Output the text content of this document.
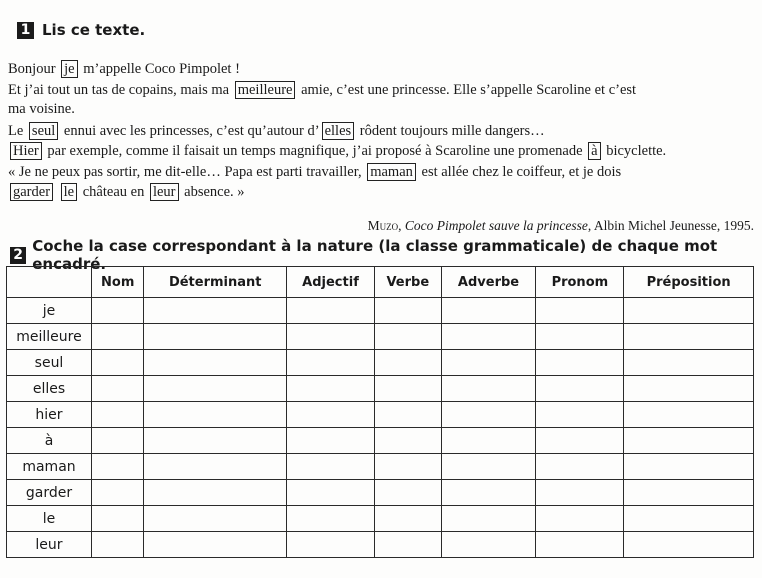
1 Lis ce texte.
Bonjour je m’appelle Coco Pimpolet !
Et j’ai tout un tas de copains, mais ma meilleure amie, c’est une princesse. Elle s’appelle Scaroline et c’est
ma voisine.
Le seul ennui avec les princesses, c’est qu’autour d’ elles rôdent toujours mille dangers…
Hier par exemple, comme il faisait un temps magnifique, j’ai proposé à Scaroline une promenade à bicyclette.
« Je ne peux pas sortir, me dit-elle… Papa est parti travailler, maman est allée chez le coiffeur, et je dois
garder le château en leur absence. »
Muzo, Coco Pimpolet sauve la princesse, Albin Michel Jeunesse, 1995.
2 Coche la case correspondant à la nature (la classe grammaticale) de chaque mot encadré.
	Nom	Déterminant	Adjectif	Verbe	Adverbe	Pronom	Préposition
je							
meilleure							
seul							
elles							
hier							
à							
maman							
garder							
le							
leur							
